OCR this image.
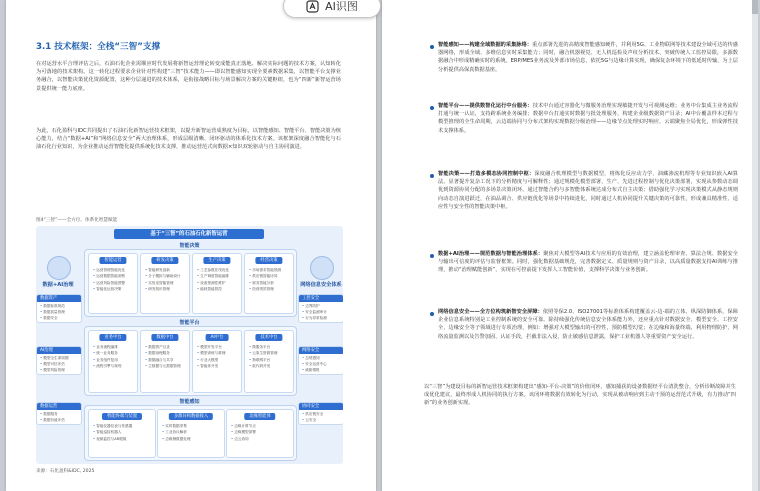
3.1 技术框架：全栈“三智”支撑

在对运营水平合理评估之后，石油石化企业需顺应时代发展将新智运营理论转变成能真正落地、解决实际问题的技术方案，认知转化为可落地的技术架构。这一转化过程要求企业针对性构建“三智”技术能力——即以智能感知实现全要素数据采集，以智能平台支撑业务融合，以智能决策优化资源配置，这种分层递进的技术体系，是衔接战略目标与场景解决方案的关键枢纽，也为“四新”新智运营场景提供统一能力底座。

为此，石化盈科与IDC共同提出了石油石化新智运营技术框架，以提升新智运营成熟度为目标，以智能感知、智能平台、智能决策为核心能力，结合“数据+AI”和“网络信息安全”两大治理体系，形成层级清晰、闭环驱动的体系化技术方案。该框架深度融合智能化与石油石化行业知识，为企业推动运营智能化提供系统化技术支撑，推动运营范式向数据×知识双轮驱动与自主协同演进。

图4“三智”——全方位、体系化智慧赋能
基于“三智”的石油石化新智运营
数据+AI治理
数据资产
• 数据标准规范
• 数据质量管理
• 数据安全
AI治理
• 模型全生命周期
• 模型可信评估
• 模型风险管理
数据运营
• 数据服务
• 数据价值评估
网络信息安全体系
工控安全
• 边界防护
• 安全监测审计
• 行为异常检测
网络安全
• 态势感知
• 安全运营中心
• 威胁情报
协同安全
• 供应链安全
• 云安全
智能决策
智能运营
• 运营管理智能优化
• 运营数据智能洞察
• 运营风险智能预警
• 智能化运营决策
研发决策
• 智能研发创新
• 分子模拟与辅助设计
• 实验室智能管理
• 研发知识管理
生产决策
• 工艺参数在线优化
• 生产调度智能编排
• 设备预测性维护
• 能耗智能管控
经营决策
• 市场需求智能预测
• 供应链智能协同
• 财务智能分析
• 经营绩效管理
智能平台
业务中台
• 业务流程编排
• 统一业务服务
• 业务组件复用
• 流程引擎与规则
数据中台
• 数据资产目录
• 数据治理服务
• 数据融合与共享
• 主数据与元数据管理
AI中台
• 模型开发平台
• 模型训练与推理
• 行业大模型
• 智能体开发
技术中台
• 微服务平台
• 云原生资源管理
• 物联网平台
• 低代码开发
智能感知
智能终端与装置
• 智能仪器仪表与传感器
• 智能巡检机器人
• 视频监控与AR眼镜
多源异构数据接入
• 实时数据采集
• 工业协议解析
• 边缘侧数据处理
边缘智能体
• 边缘计算节点
• 边缘模型部署
• 边云协同
来源：石化盈科&IDC, 2025
AI识图

智能感知——构建全域数据的采集脉络：重点部署先进的高精度智能感知硬件，并利用5G、工业物联网等技术建设全域可达的传感器网络，形成全域、多维信息实时采集能力；同时，融合机器视觉、无人机巡检及声纹分析技术、突破传统人工监控局限，多源数据融合中形成精确实时的系统。ERP/MES业务流及外部市场信息，依托5G与边缘计算实现，确保复杂环境下的低延时传输，为上层分析提供高保真数据基座。

智能平台——提供数智化运行中台服务：技术中台通过容器化与微服务治理实现敏捷开发与可观测运维；业务中台集成主业务流程打通与统一认证，支持跨系统业务编排；数据中台打通实时数据与批处理服务，构建企业级数据资产目录；AI中台覆盖样本过程与模型推理的全生命周期，云边端协同与分布式架构实现数据分级治理——边缘节点处理实时响应，云端聚焦全局优化，形成弹性技术支撑体系。

智能决策——打造多模态协同控制中枢：深度融合机理模型与数据模型，将炼化反应动力学、油藏渗流机理等专业知识嵌入AI算法，显著提升复杂工况下的分析精度与可解释性；通过规模化模型部署，生产、先进过程控制与优化决策部署，实现从参数动态调优到资源协同分配的多场景决策闭环。通过智能合约与多智能体系统达成分布式自主决策；借助强化学习实现决策模式从静态规则向动态自演进跃迁，在油品调合、供应链优化等场景中持续进化，同时通过人机协同提升关键决策的可靠性，形成兼具精准性、适应性与安全性的智能决策中枢。

数据+AI治理——规范数据与智能治理体系：聚焦对大模型等AI技术与应用的有效治理，建立涵盖伦理审查、算法合规、数据安全与输出可信度的评估与监督框架。同时，强化数据基础规范，完善数据定义、质量规则与资产目录，以高质量数据支持AI训练与推理，推动“治理赋能创新”，实现在可控前提下发挥人工智能价值，支撑科学决策与业务创新。

网络信息安全——全方位构筑新智安全屏障：依照等保2.0、ISO27001等标准体系构建覆盖云-边-端的立体、纵深防御体系，保障企业信息系统特别是工业控制系统的安全可靠。除持续强化传统信息安全体系能力外，还应重点针对数据安全、模型安全、工控安全、边缘安全等子领域进行专项治理，例如：增强对大模型输出的可控性，预防模型幻觉；在边缘和海量终端，利用物理防护、网络流量监测以及告警加固、认证手段，拦截非法入侵，防止敏感信息泄露，保护工业机器人等重要资产安全运行。

以“三智”为建设目标的新智运营技术框架构建出“感知-平台-决策”的价值闭环，感知捕获的设备数据经平台清洗整合，分析诊断故障并生成优化建议，最终形成人机协同的执行方案。该闭环将数据有效转化为行动，实现从被动响应到主动干预的运营范式升级，有力推动“四新”的业务创新实现。
